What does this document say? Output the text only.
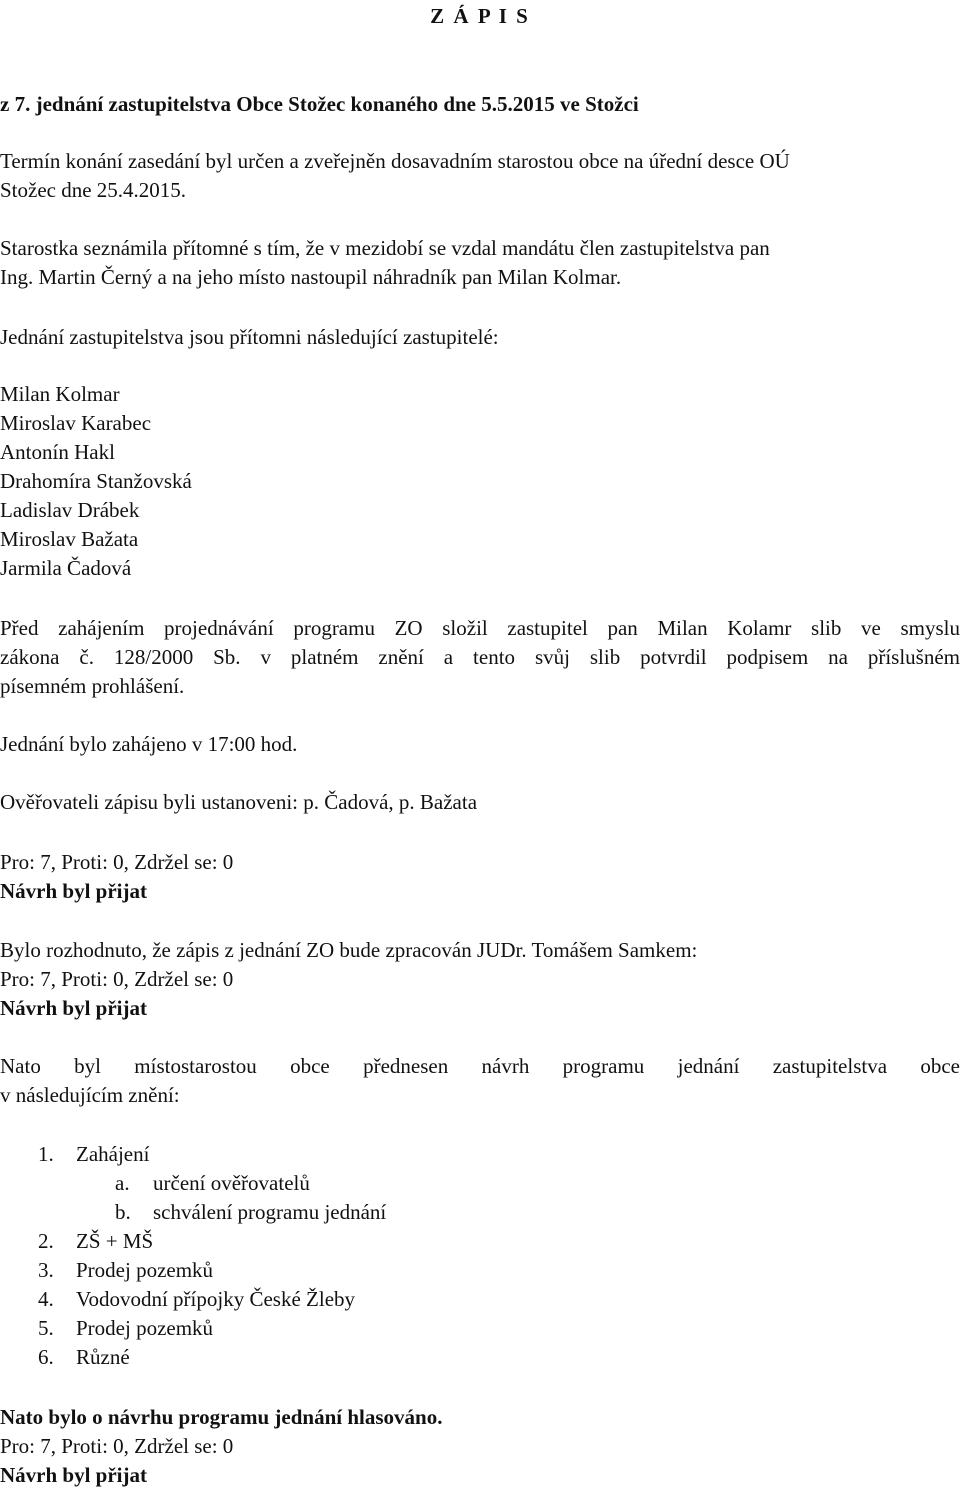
Z Á P I S
z 7. jednání zastupitelstva Obce Stožec konaného dne 5.5.2015 ve Stožci
Termín konání zasedání byl určen a zveřejněn dosavadním starostou obce na úřední desce OÚ
Stožec dne 25.4.2015.
Starostka seznámila přítomné s tím, že v mezidobí se vzdal mandátu člen zastupitelstva pan
Ing. Martin Černý a na jeho místo nastoupil náhradník pan Milan Kolmar.
Jednání zastupitelstva jsou přítomni následující zastupitelé:
Milan Kolmar
Miroslav Karabec
Antonín Hakl
Drahomíra Stanžovská
Ladislav Drábek
Miroslav Bažata
Jarmila Čadová
Před zahájením projednávání programu ZO složil zastupitel pan Milan Kolamr slib ve smyslu
zákona č. 128/2000 Sb. v platném znění a tento svůj slib potvrdil podpisem na příslušném
písemném prohlášení.
Jednání bylo zahájeno v 17:00 hod.
Ověřovateli zápisu byli ustanoveni: p. Čadová, p. Bažata
Pro: 7, Proti: 0, Zdržel se: 0
Návrh byl přijat
Bylo rozhodnuto, že zápis z jednání ZO bude zpracován JUDr. Tomášem Samkem:
Pro: 7, Proti: 0, Zdržel se: 0
Návrh byl přijat
Nato byl místostarostou obce přednesen návrh programu jednání zastupitelstva obce
v následujícím znění:
1. Zahájení
a. určení ověřovatelů
b. schválení programu jednání
2. ZŠ + MŠ
3. Prodej pozemků
4. Vodovodní přípojky České Žleby
5. Prodej pozemků
6. Různé
Nato bylo o návrhu programu jednání hlasováno.
Pro: 7, Proti: 0, Zdržel se: 0
Návrh byl přijat
